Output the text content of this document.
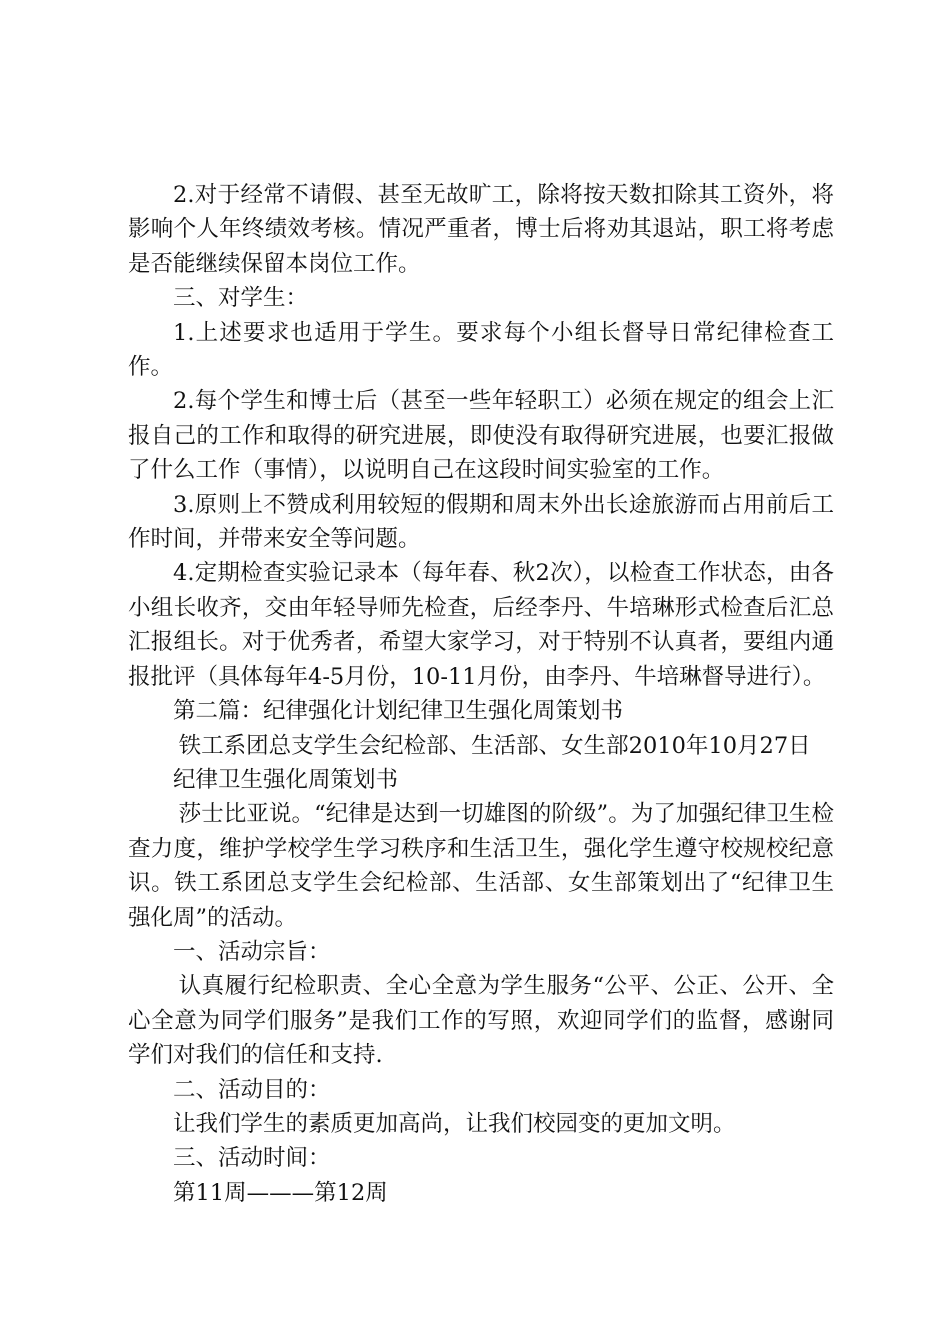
2.对于经常不请假、甚至无故旷工，除将按天数扣除其工资外，将影响个人年终绩效考核。情况严重者，博士后将劝其退站，职工将考虑是否能继续保留本岗位工作。

三、对学生：

1.上述要求也适用于学生。要求每个小组长督导日常纪律检查工作。

2.每个学生和博士后（甚至一些年轻职工）必须在规定的组会上汇报自己的工作和取得的研究进展，即使没有取得研究进展，也要汇报做了什么工作（事情），以说明自己在这段时间实验室的工作。

3.原则上不赞成利用较短的假期和周末外出长途旅游而占用前后工作时间，并带来安全等问题。

4.定期检查实验记录本（每年春、秋2次），以检查工作状态，由各小组长收齐，交由年轻导师先检查，后经李丹、牛培琳形式检查后汇总汇报组长。对于优秀者，希望大家学习，对于特别不认真者，要组内通报批评（具体每年4-5月份，10-11月份，由李丹、牛培琳督导进行）。

第二篇：纪律强化计划纪律卫生强化周策划书

铁工系团总支学生会纪检部、生活部、女生部2010年10月27日

纪律卫生强化周策划书

莎士比亚说。“纪律是达到一切雄图的阶级”。为了加强纪律卫生检查力度，维护学校学生学习秩序和生活卫生，强化学生遵守校规校纪意识。铁工系团总支学生会纪检部、生活部、女生部策划出了“纪律卫生强化周”的活动。

一、活动宗旨：

认真履行纪检职责、全心全意为学生服务“公平、公正、公开、全心全意为同学们服务”是我们工作的写照，欢迎同学们的监督，感谢同学们对我们的信任和支持.

二、活动目的：

让我们学生的素质更加高尚，让我们校园变的更加文明。

三、活动时间：

第11周———第12周
